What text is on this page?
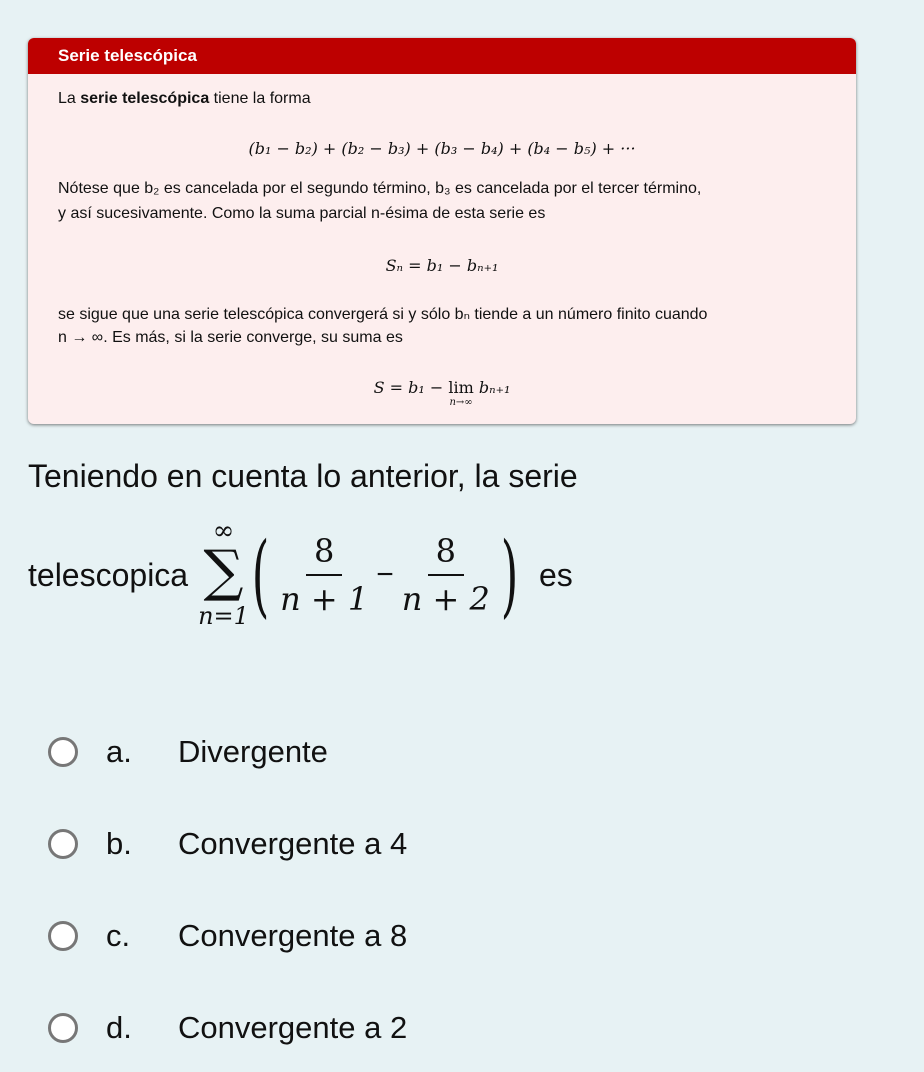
Serie telescópica
La serie telescópica tiene la forma
(b₁ − b₂) + (b₂ − b₃) + (b₃ − b₄) + (b₄ − b₅) + ···
Nótese que b₂ es cancelada por el segundo término, b₃ es cancelada por el tercer término,
y así sucesivamente. Como la suma parcial n-ésima de esta serie es
Sₙ = b₁ − bₙ₊₁
se sigue que una serie telescópica convergerá si y sólo bₙ tiende a un número finito cuando
n → ∞. Es más, si la serie converge, su suma es
S = b₁ − lim
n→∞
bₙ₊₁
Teniendo en cuenta lo anterior, la serie
telescopica
∞
∑
n=1 ( $\frac{8}{n + 1} - \frac{8}{n + 2}$ ) es
a.	Divergente
b.	Convergente a 4
c.	Convergente a 8
d.	Convergente a 2
